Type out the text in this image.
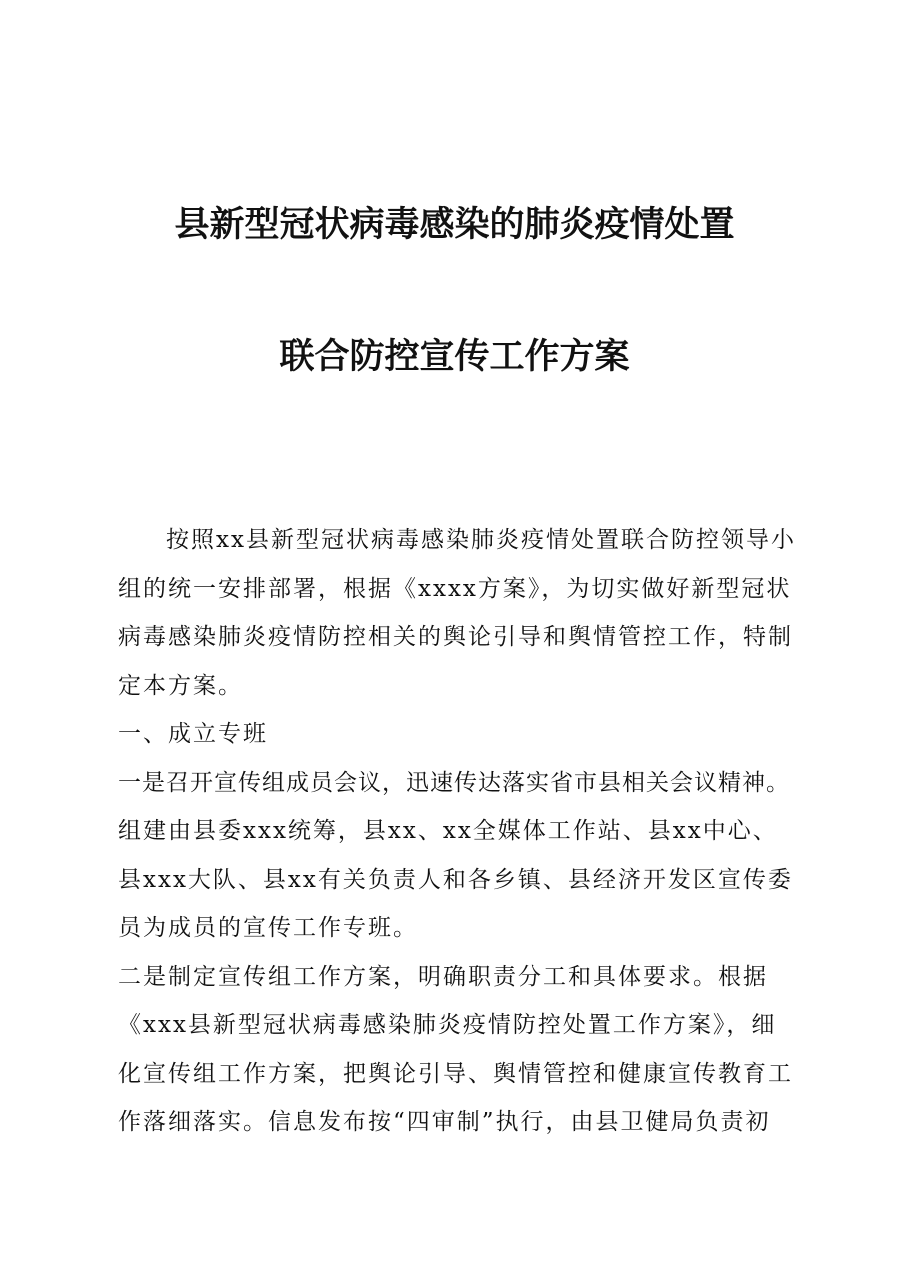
县新型冠状病毒感染的肺炎疫情处置
联合防控宣传工作方案
按照xx县新型冠状病毒感染肺炎疫情处置联合防控领导小
组的统一安排部署，根据《xxxx方案》，为切实做好新型冠状
病毒感染肺炎疫情防控相关的舆论引导和舆情管控工作，特制
定本方案。
一、成立专班
一是召开宣传组成员会议，迅速传达落实省市县相关会议精神。
组建由县委xxx统筹，县xx、xx全媒体工作站、县xx中心、
县xxx大队、县xx有关负责人和各乡镇、县经济开发区宣传委
员为成员的宣传工作专班。
二是制定宣传组工作方案，明确职责分工和具体要求。根据
《xxx县新型冠状病毒感染肺炎疫情防控处置工作方案》，细
化宣传组工作方案，把舆论引导、舆情管控和健康宣传教育工
作落细落实。信息发布按“四审制”执行，由县卫健局负责初
